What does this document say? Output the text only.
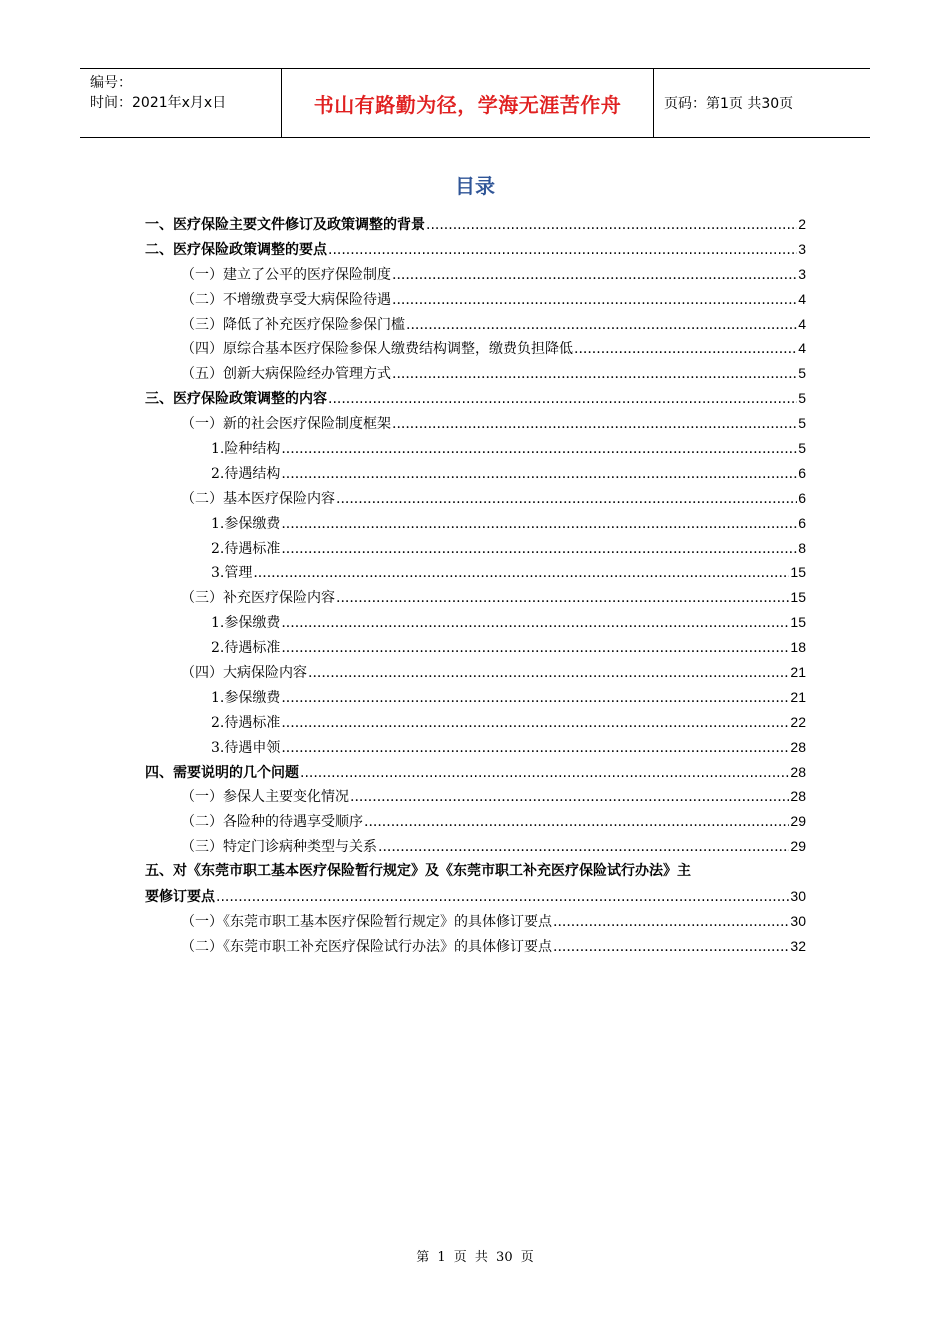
编号：
时间：2021年x月x日	书山有路勤为径，学海无涯苦作舟	页码：第1页 共30页
目录
一、医疗保险主要文件修订及政策调整的背景 .....	2
二、医疗保险政策调整的要点 .....	3
（一）建立了公平的医疗保险制度 .....	3
（二）不增缴费享受大病保险待遇 .....	4
（三）降低了补充医疗保险参保门槛 .....	4
（四）原综合基本医疗保险参保人缴费结构调整，缴费负担降低 .....	4
（五）创新大病保险经办管理方式 .....	5
三、医疗保险政策调整的内容 .....	5
（一）新的社会医疗保险制度框架 .....	5
1.险种结构 .....	5
2.待遇结构 .....	6
（二）基本医疗保险内容 .....	6
1.参保缴费 .....	6
2.待遇标准 .....	8
3.管理 .....	15
（三）补充医疗保险内容 .....	15
1.参保缴费 .....	15
2.待遇标准 .....	18
（四）大病保险内容 .....	21
1.参保缴费 .....	21
2.待遇标准 .....	22
3.待遇申领 .....	28
四、需要说明的几个问题 .....	28
（一）参保人主要变化情况 .....	28
（二）各险种的待遇享受顺序 .....	29
（三）特定门诊病种类型与关系 .....	29
五、对《东莞市职工基本医疗保险暂行规定》及《东莞市职工补充医疗保险试行办法》主
要修订要点 .....	30
（一）《东莞市职工基本医疗保险暂行规定》的具体修订要点 .....	30
（二）《东莞市职工补充医疗保险试行办法》的具体修订要点 .....	32
第 1 页 共 30 页
